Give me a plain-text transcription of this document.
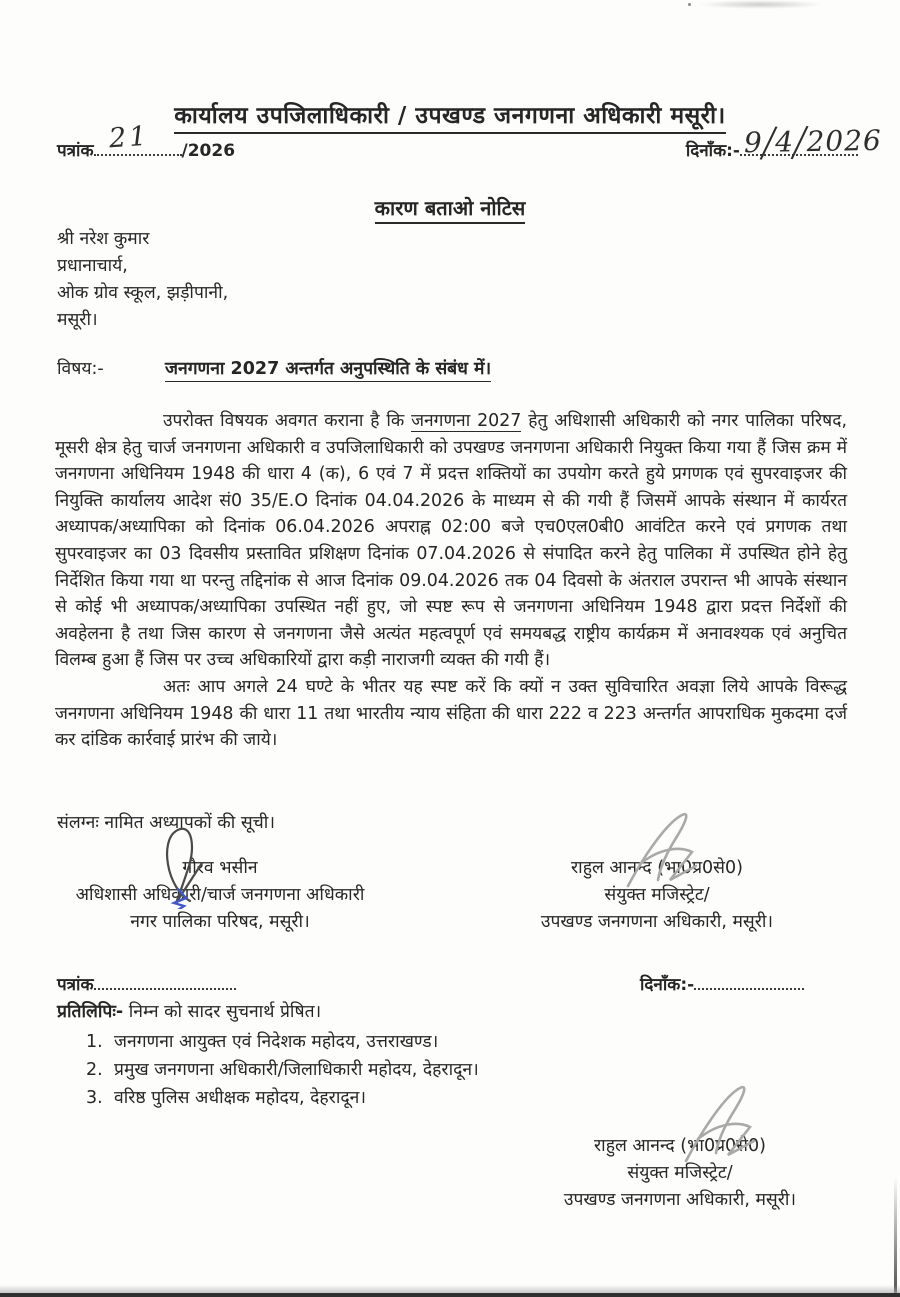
कार्यालय उपजिलाधिकारी / उपखण्ड जनगणना अधिकारी मसूरी।
पत्रांक	/2026
21	दिनाँक:- 9/4/2026
कारण बताओ नोटिस
श्री नरेश कुमार
प्रधानाचार्य,
ओक ग्रोव स्कूल, झड़ीपानी,
मसूरी।
विषय:-	जनगणना 2027 अन्तर्गत अनुपस्थिति के संबंध में।

उपरोक्त विषयक अवगत कराना है कि जनगणना 2027 हेतु अधिशासी अधिकारी को नगर पालिका परिषद, मूसरी क्षेत्र हेतु चार्ज जनगणना अधिकारी व उपजिलाधिकारी को उपखण्ड जनगणना अधिकारी नियुक्त किया गया हैं जिस क्रम में जनगणना अधिनियम 1948 की धारा 4 (क), 6 एवं 7 में प्रदत्त शक्तियों का उपयोग करते हुये प्रगणक एवं सुपरवाइजर की नियुक्ति कार्यालय आदेश सं0 35/E.O दिनांक 04.04.2026 के माध्यम से की गयी हैं जिसमें आपके संस्थान में कार्यरत अध्यापक/अध्यापिका को दिनांक 06.04.2026 अपराह्न 02:00 बजे एच0एल0बी0 आवंटित करने एवं प्रगणक तथा सुपरवाइजर का 03 दिवसीय प्रस्तावित प्रशिक्षण दिनांक 07.04.2026 से संपादित करने हेतु पालिका में उपस्थित होने हेतु निर्देशित किया गया था परन्तु तद्दिनांक से आज दिनांक 09.04.2026 तक 04 दिवसो के अंतराल उपरान्त भी आपके संस्थान से कोई भी अध्यापक/अध्यापिका उपस्थित नहीं हुए, जो स्पष्ट रूप से जनगणना अधिनियम 1948 द्वारा प्रदत्त निर्देशों की अवहेलना है तथा जिस कारण से जनगणना जैसे अत्यंत महत्वपूर्ण एवं समयबद्ध राष्ट्रीय कार्यक्रम में अनावश्यक एवं अनुचित विलम्ब हुआ हैं जिस पर उच्च अधिकारियों द्वारा कड़ी नाराजगी व्यक्त की गयी हैं।

अतः आप अगले 24 घण्टे के भीतर यह स्पष्ट करें कि क्यों न उक्त सुविचारित अवज्ञा लिये आपके विरूद्ध जनगणना अधिनियम 1948 की धारा 11 तथा भारतीय न्याय संहिता की धारा 222 व 223 अन्तर्गत आपराधिक मुकदमा दर्ज कर दांडिक कार्रवाई प्रारंभ की जाये।

संलग्नः नामित अध्यापकों की सूची।
गौरव भसीन
अधिशासी अधिकारी/चार्ज जनगणना अधिकारी
नगर पालिका परिषद, मसूरी।
राहुल आनन्द (भा0प्र0से0)
संयुक्त मजिस्ट्रेट/
उपखण्ड जनगणना अधिकारी, मसूरी।
पत्रांक	दिनाँक:-
प्रतिलिपिः- निम्न को सादर सुचनार्थ प्रेषित।
1. जनगणना आयुक्त एवं निदेशक महोदय, उत्तराखण्ड।
2. प्रमुख जनगणना अधिकारी/जिलाधिकारी महोदय, देहरादून।
3. वरिष्ठ पुलिस अधीक्षक महोदय, देहरादून।
राहुल आनन्द (भा0प्र0से0)
संयुक्त मजिस्ट्रेट/
उपखण्ड जनगणना अधिकारी, मसूरी।
